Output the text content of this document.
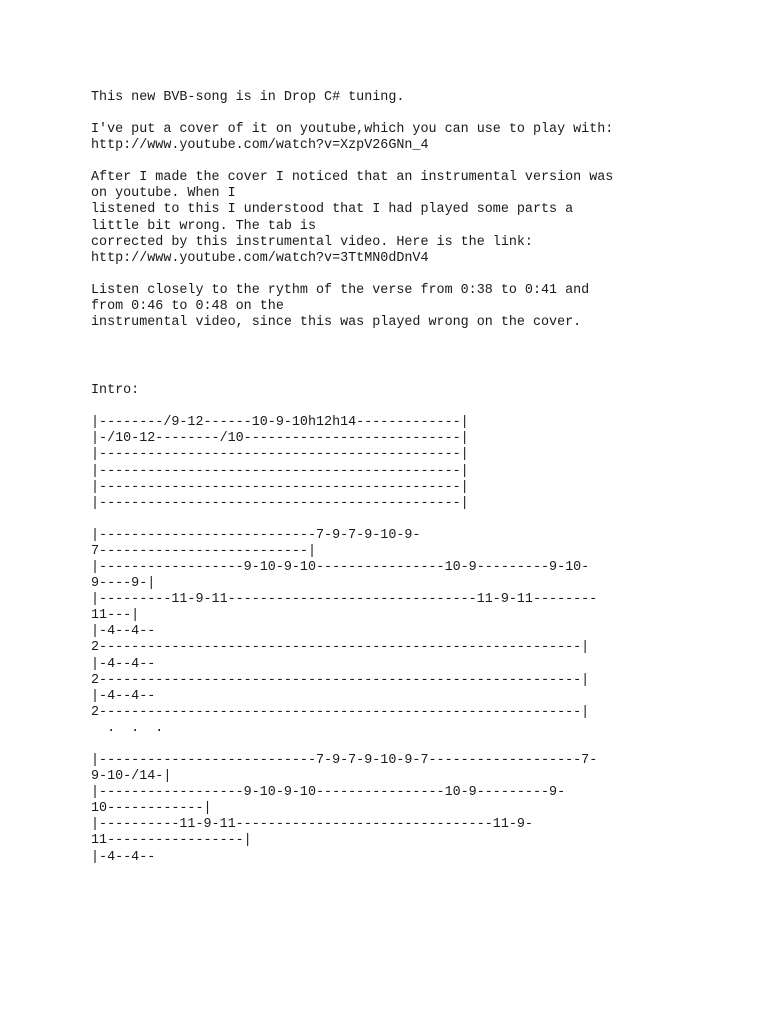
This new BVB-song is in Drop C# tuning.
I've put a cover of it on youtube,which you can use to play with:
http://www.youtube.com/watch?v=XzpV26GNn_4
After I made the cover I noticed that an instrumental version was
on youtube. When I
listened to this I understood that I had played some parts a
little bit wrong. The tab is
corrected by this instrumental video. Here is the link:
http://www.youtube.com/watch?v=3TtMN0dDnV4
Listen closely to the rythm of the verse from 0:38 to 0:41 and
from 0:46 to 0:48 on the
instrumental video, since this was played wrong on the cover.
Intro:
|--------/9-12------10-9-10h12h14-------------|
|-/10-12--------/10---------------------------|
|---------------------------------------------|
|---------------------------------------------|
|---------------------------------------------|
|---------------------------------------------|
|---------------------------7-9-7-9-10-9-
7--------------------------|
|------------------9-10-9-10----------------10-9---------9-10-
9----9-|
|---------11-9-11-------------------------------11-9-11--------
11---|
|-4--4--
2------------------------------------------------------------|
|-4--4--
2------------------------------------------------------------|
|-4--4--
2------------------------------------------------------------|
.  .  .
|---------------------------7-9-7-9-10-9-7-------------------7-
9-10-/14-|
|------------------9-10-9-10----------------10-9---------9-
10------------|
|----------11-9-11--------------------------------11-9-
11-----------------|
|-4--4--
